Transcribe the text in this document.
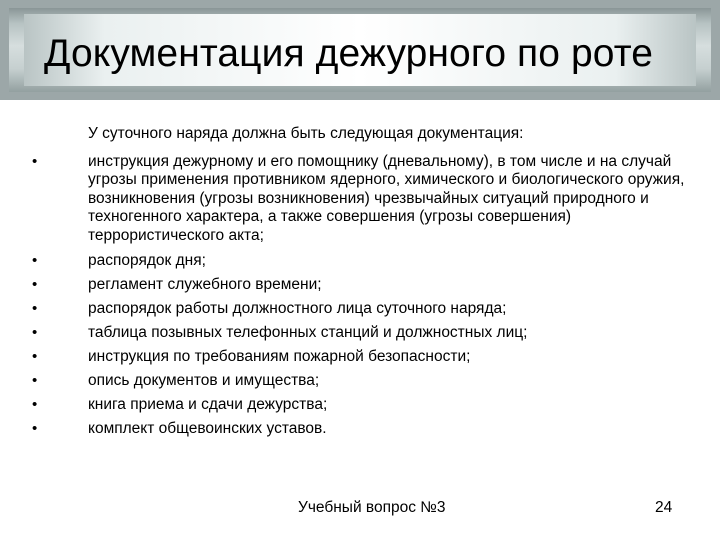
Документация дежурного по роте
У суточного наряда должна быть следующая документация:
•	инструкция дежурному и его помощнику (дневальному), в том числе и на случай угрозы применения противником ядерного, химического и биологического оружия, возникновения (угрозы возникновения) чрезвычайных ситуаций природного и техногенного характера, а также совершения (угрозы совершения) террористического акта;
•	распорядок дня;
•	регламент служебного времени;
•	распорядок работы должностного лица суточного наряда;
•	таблица позывных телефонных станций и должностных лиц;
•	инструкция по требованиям пожарной безопасности;
•	опись документов и имущества;
•	книга приема и сдачи дежурства;
•	комплект общевоинских уставов.
Учебный вопрос №3	24
